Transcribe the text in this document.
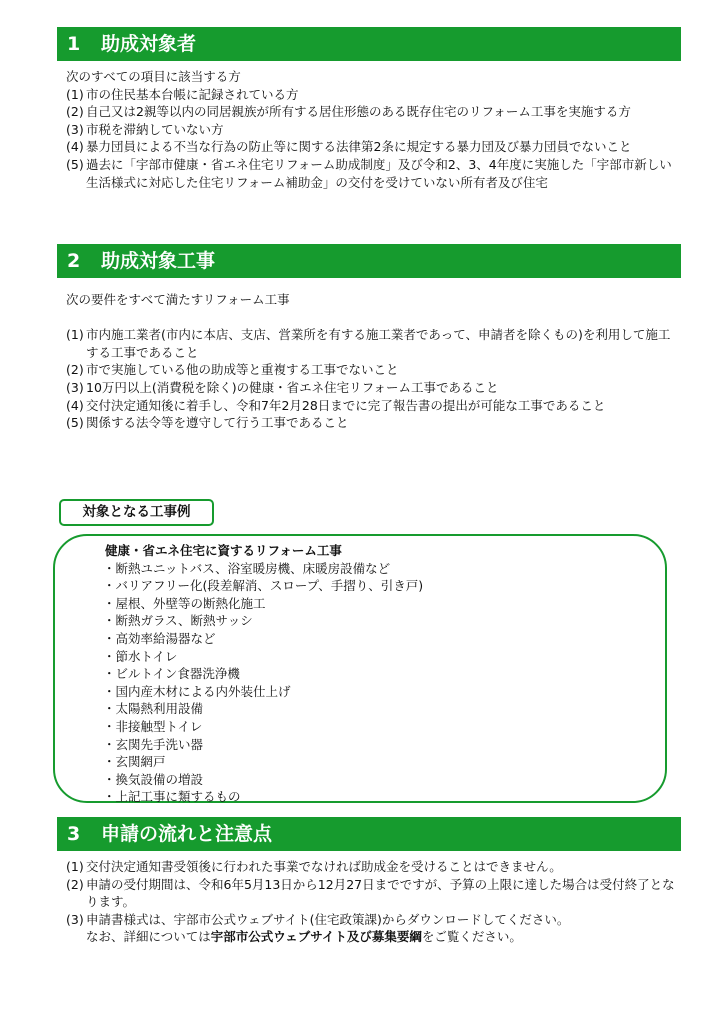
1 助成対象者

次のすべての項目に該当する方

(1) 市の住民基本台帳に記録されている方
(2) 自己又は2親等以内の同居親族が所有する居住形態のある既存住宅のリフォーム工事を実施する方
(3) 市税を滞納していない方
(4) 暴力団員による不当な行為の防止等に関する法律第2条に規定する暴力団及び暴力団員でないこと
(5) 過去に「宇部市健康・省エネ住宅リフォーム助成制度」及び令和2、3、4年度に実施した「宇部市新しい生活様式に対応した住宅リフォーム補助金」の交付を受けていない所有者及び住宅
2 助成対象工事

次の要件をすべて満たすリフォーム工事

(1) 市内施工業者(市内に本店、支店、営業所を有する施工業者であって、申請者を除くもの)を利用して施工する工事であること
(2) 市で実施している他の助成等と重複する工事でないこと
(3) 10万円以上(消費税を除く)の健康・省エネ住宅リフォーム工事であること
(4) 交付決定通知後に着手し、令和7年2月28日までに完了報告書の提出が可能な工事であること
(5) 関係する法令等を遵守して行う工事であること
対象となる工事例
健康・省エネ住宅に資するリフォーム工事
・断熱ユニットバス、浴室暖房機、床暖房設備など
・バリアフリー化(段差解消、スロープ、手摺り、引き戸)
・屋根、外壁等の断熱化施工
・断熱ガラス、断熱サッシ
・高効率給湯器など
・節水トイレ
・ビルトイン食器洗浄機
・国内産木材による内外装仕上げ
・太陽熱利用設備
・非接触型トイレ
・玄関先手洗い器
・玄関網戸
・換気設備の増設
・上記工事に類するもの
3 申請の流れと注意点
(1) 交付決定通知書受領後に行われた事業でなければ助成金を受けることはできません。
(2) 申請の受付期間は、令和6年5月13日から12月27日までですが、予算の上限に達した場合は受付終了となります。
(3) 申請書様式は、宇部市公式ウェブサイト(住宅政策課)からダウンロードしてください。
なお、詳細については宇部市公式ウェブサイト及び募集要綱をご覧ください。
